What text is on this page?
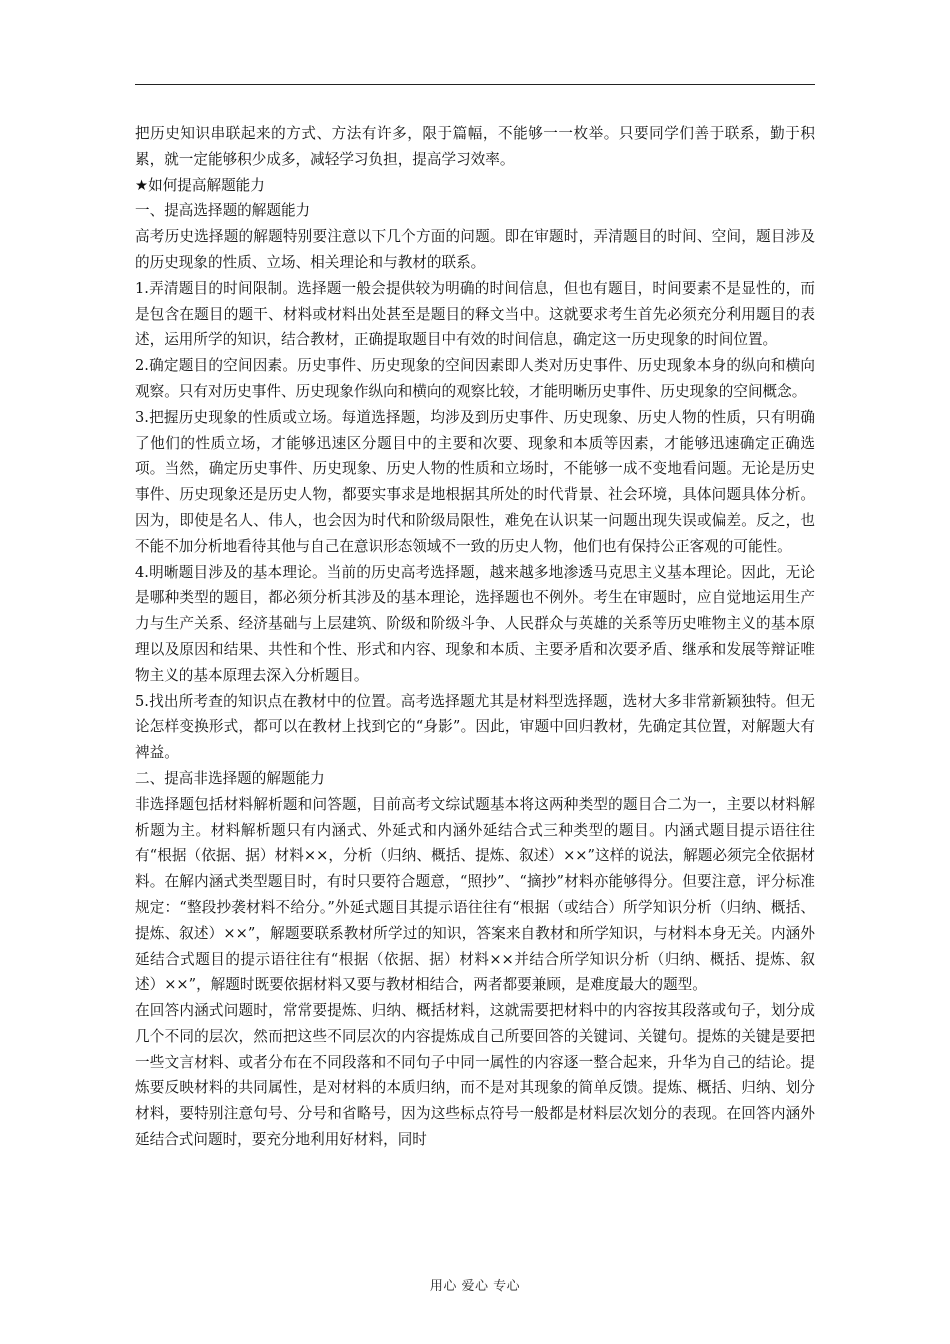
把历史知识串联起来的方式、方法有许多，限于篇幅，不能够一一枚举。只要同学们善于联系，勤于积累，就一定能够积少成多，减轻学习负担，提高学习效率。

★如何提高解题能力

一、提高选择题的解题能力

高考历史选择题的解题特别要注意以下几个方面的问题。即在审题时，弄清题目的时间、空间，题目涉及的历史现象的性质、立场、相关理论和与教材的联系。

1.弄清题目的时间限制。选择题一般会提供较为明确的时间信息，但也有题目，时间要素不是显性的，而是包含在题目的题干、材料或材料出处甚至是题目的释文当中。这就要求考生首先必须充分利用题目的表述，运用所学的知识，结合教材，正确提取题目中有效的时间信息，确定这一历史现象的时间位置。

2.确定题目的空间因素。历史事件、历史现象的空间因素即人类对历史事件、历史现象本身的纵向和横向观察。只有对历史事件、历史现象作纵向和横向的观察比较，才能明晰历史事件、历史现象的空间概念。

3.把握历史现象的性质或立场。每道选择题，均涉及到历史事件、历史现象、历史人物的性质，只有明确了他们的性质立场，才能够迅速区分题目中的主要和次要、现象和本质等因素，才能够迅速确定正确选项。当然，确定历史事件、历史现象、历史人物的性质和立场时，不能够一成不变地看问题。无论是历史事件、历史现象还是历史人物，都要实事求是地根据其所处的时代背景、社会环境，具体问题具体分析。因为，即使是名人、伟人，也会因为时代和阶级局限性，难免在认识某一问题出现失误或偏差。反之，也不能不加分析地看待其他与自己在意识形态领域不一致的历史人物，他们也有保持公正客观的可能性。

4.明晰题目涉及的基本理论。当前的历史高考选择题，越来越多地渗透马克思主义基本理论。因此，无论是哪种类型的题目，都必须分析其涉及的基本理论，选择题也不例外。考生在审题时，应自觉地运用生产力与生产关系、经济基础与上层建筑、阶级和阶级斗争、人民群众与英雄的关系等历史唯物主义的基本原理以及原因和结果、共性和个性、形式和内容、现象和本质、主要矛盾和次要矛盾、继承和发展等辩证唯物主义的基本原理去深入分析题目。

5.找出所考查的知识点在教材中的位置。高考选择题尤其是材料型选择题，选材大多非常新颖独特。但无论怎样变换形式，都可以在教材上找到它的“身影”。因此，审题中回归教材，先确定其位置，对解题大有裨益。

二、提高非选择题的解题能力

非选择题包括材料解析题和问答题，目前高考文综试题基本将这两种类型的题目合二为一，主要以材料解析题为主。材料解析题只有内涵式、外延式和内涵外延结合式三种类型的题目。内涵式题目提示语往往有“根据（依据、据）材料××，分析（归纳、概括、提炼、叙述）××”这样的说法，解题必须完全依据材料。在解内涵式类型题目时，有时只要符合题意，“照抄”、“摘抄”材料亦能够得分。但要注意，评分标准规定：“整段抄袭材料不给分。”外延式题目其提示语往往有“根据（或结合）所学知识分析（归纳、概括、提炼、叙述）××”，解题要联系教材所学过的知识，答案来自教材和所学知识，与材料本身无关。内涵外延结合式题目的提示语往往有“根据（依据、据）材料××并结合所学知识分析（归纳、概括、提炼、叙述）××”，解题时既要依据材料又要与教材相结合，两者都要兼顾，是难度最大的题型。

在回答内涵式问题时，常常要提炼、归纳、概括材料，这就需要把材料中的内容按其段落或句子，划分成几个不同的层次，然而把这些不同层次的内容提炼成自己所要回答的关键词、关键句。提炼的关键是要把一些文言材料、或者分布在不同段落和不同句子中同一属性的内容逐一整合起来，升华为自己的结论。提炼要反映材料的共同属性，是对材料的本质归纳，而不是对其现象的简单反馈。提炼、概括、归纳、划分材料，要特别注意句号、分号和省略号，因为这些标点符号一般都是材料层次划分的表现。在回答内涵外延结合式问题时，要充分地利用好材料，同时

用心 爱心 专心
